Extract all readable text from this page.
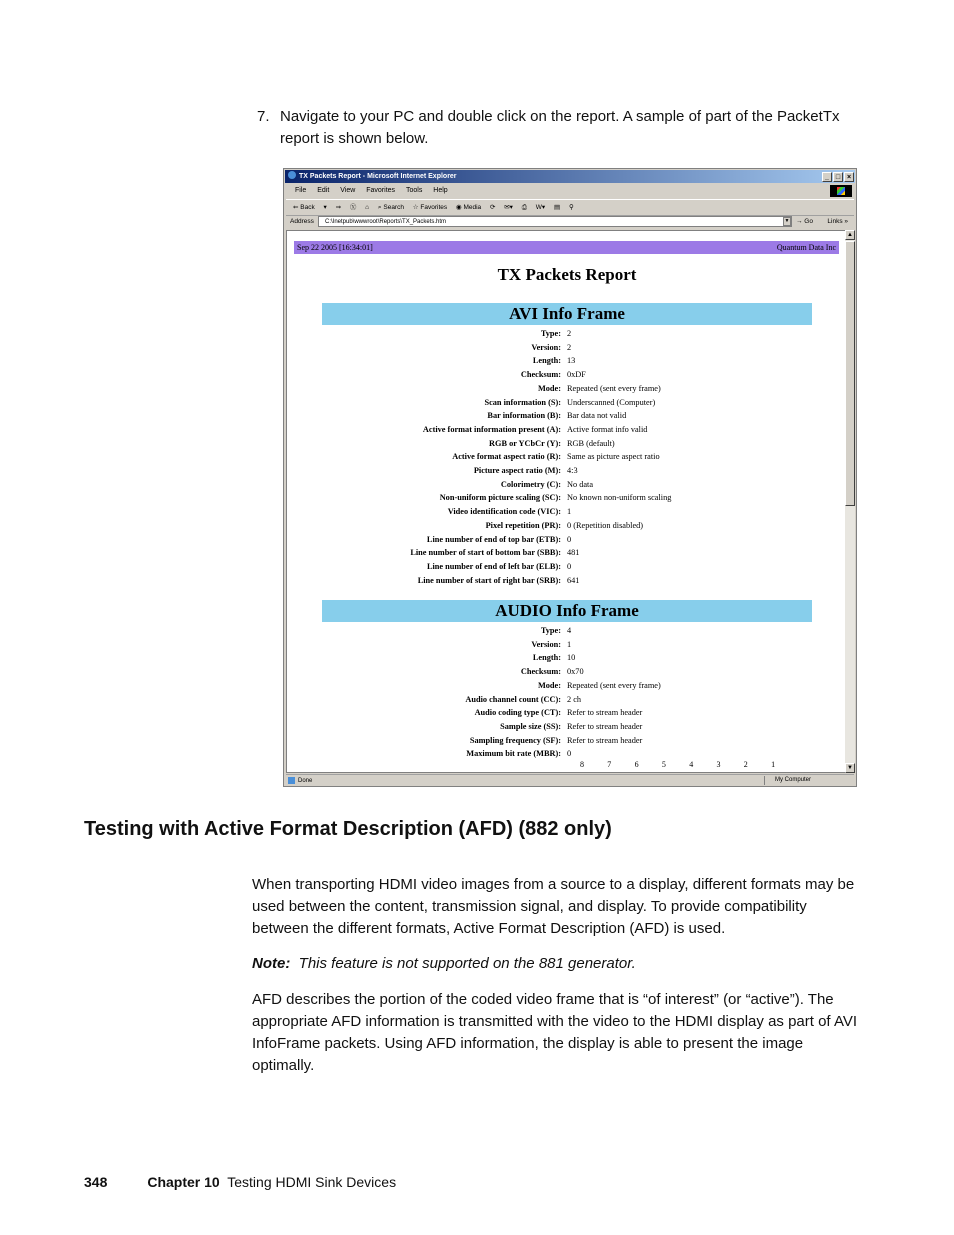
7. Navigate to your PC and double click on the report. A sample of part of the PacketTx report is shown below.
TX Packets Report - Microsoft Internet Explorer	_ □ ×
File Edit View Favorites Tools Help
⇐ Back ▾ ⇒ Ⓧ ⌂ ⌕ Search ☆ Favorites ◉ Media ⟳ ✉▾ ⎙ W▾ ▤ ⚲
Address	C:\Inetpub\wwwroot\Reports\TX_Packets.htm	▼ → Go Links »
Sep 22 2005 [16:34:01]	Quantum Data Inc
TX Packets Report
AVI Info Frame
Type: 2
Version: 2
Length: 13
Checksum: 0xDF
Mode: Repeated (sent every frame)
Scan information (S): Underscanned (Computer)
Bar information (B): Bar data not valid
Active format information present (A): Active format info valid
RGB or YCbCr (Y): RGB (default)
Active format aspect ratio (R): Same as picture aspect ratio
Picture aspect ratio (M): 4:3
Colorimetry (C): No data
Non-uniform picture scaling (SC): No known non-uniform scaling
Video identification code (VIC): 1
Pixel repetition (PR): 0 (Repetition disabled)
Line number of end of top bar (ETB): 0
Line number of start of bottom bar (SBB): 481
Line number of end of left bar (ELB): 0
Line number of start of right bar (SRB): 641
AUDIO Info Frame
Type: 4
Version: 1
Length: 10
Checksum: 0x70
Mode: Repeated (sent every frame)
Audio channel count (CC): 2 ch
Audio coding type (CT): Refer to stream header
Sample size (SS): Refer to stream header
Sampling frequency (SF): Refer to stream header
Maximum bit rate (MBR): 0
8	7	6	5	4	3	2	1
▲
▼
Done	My Computer
Testing with Active Format Description (AFD) (882 only)
When transporting HDMI video images from a source to a display, different formats may be used between the content, transmission signal, and display. To provide compatibility between the different formats, Active Format Description (AFD) is used.
Note: This feature is not supported on the 881 generator.
AFD describes the portion of the coded video frame that is “of interest” (or “active”). The appropriate AFD information is transmitted with the video to the HDMI display as part of AVI InfoFrame packets. Using AFD information, the display is able to present the image optimally.
348	Chapter 10 Testing HDMI Sink Devices
